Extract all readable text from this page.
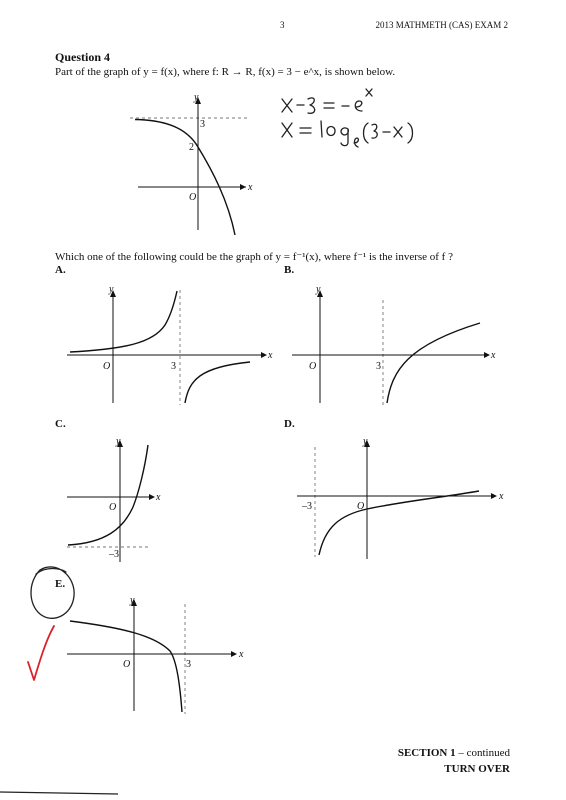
3	2013 MATHMETH (CAS) EXAM 2
Question 4
Part of the graph of y = f(x), where f: R → R, f(x) = 3 − e^x, is shown below.
x
y
O
3
2
Which one of the following could be the graph of y = f⁻¹(x), where f⁻¹ is the inverse of f ?
A.
x
y
O	3
B.
x
y
O	3
C.
x
y
O
–3
D.
x
y
O
–3
E.
x
y
O	3
SECTION 1 – continued
TURN OVER
